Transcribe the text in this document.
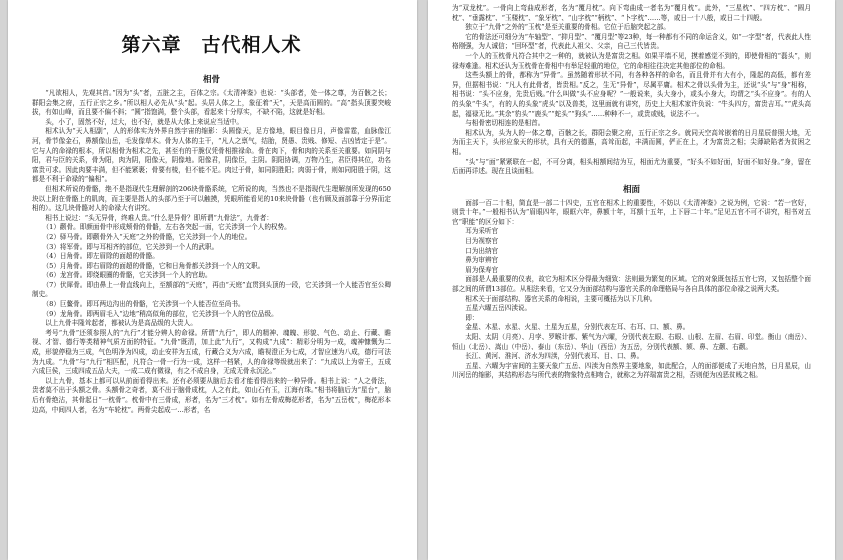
第六章　古代相人术
相骨

“凡欲相人，先观其首。”因为“头”者，五脏之主，百体之宗。《太清神鉴》也说：“头部者，处一体之尊，为百骸之长；群阳会集之府，五行正宗之乡。”所以相人必先从“头”起。头居人体之上，象征着“天”，天是高而圆的。“高”指头顶要突峻拔，有如山峰，而且要不偏不斜；“圆”指饱满，整个头部，看起来十分厚实，不缺不陷，这就是好相。

头，小了，固然不好，过大，也不好，就是从大体上来说应当适中。

相术认为“天人相副”，人的形体实为外界自然宇宙的缩影：头圆像天，足方像地，眼目像日月，声像雷霆，血脉像江河，骨节像金石，鼻额像山岳，毛发像草木。骨为人体的主干，“凡人之禀气，结胎，贤愚、贵贱、修短、吉凶皆定于是”。它与人的命禄的根本，所以相骨为相术之先，甚至有的干脆仅凭骨相推禄命。骨在肉下，骨和肉的关系至关重要。如同阴与阳，君与臣的关系，骨为阳，肉为阴，阳像天，阴像地。阳像君，阴像臣，主阴。阴阳协调，万物乃生，君臣得其位，功名富贵可求。因此肉要丰满，但不能紧裹；骨要有棱，但不能不足。肉过于骨，如同阴胜阳；肉弱于骨，则如同阳胜于阴，这都是不利于命禄的“偏相”。

但相术所说的骨骼，绝不是指现代生理解剖的206块骨骼系统，它所说的肉，当然也不是指现代生理解剖所发现的650块以上附在骨骼上的肌肉，而主要是指人的头部乃至于可以触摸，凭眼所能看见的10来块骨骼（也有顾及面部靠于分界而定相的）。这几块骨骼对人的命禄大有讲究。

相书上说过：“头无异骨，终难人贵。”什么是异骨？即所谓“九骨法”，九骨者：

（1）颧骨。即颜面骨中形成颊骨的骨骼，左右各突起一面，它关涉到一个人的权势。

（2）驿马骨。即颧骨外入“天庭”之外的骨骼，它关涉到一个人的地位。

（3）将军骨。即与耳相齐的部位，它关涉到一个人的武职。

（4）日角骨。即左眉除的面超的骨骼。

（5）月角骨。即右眉除的面超的骨骼，它和日角骨都关涉到一个人的文职。

（6）龙宫骨。即绕眼圈的骨骼，它关涉到一个人的官助。

（7）伏犀骨。即由鼻上一骨直线向上，至额部的“天庭”，再由“天庭”直贯到头顶的一段，它关涉到一个人能否官至公卿制史。

（8）巨鳌骨。即耳两边沟出的骨骼，它关涉到一个人能否位至尚书。

（9）龙角骨。即两眉毛入“边地”稍高似角的部位，它关涉到一个人的官位品级。

以上九骨丰隆耸起者，都被认为是高品级的大贵人。

考号“九骨”还须参照人的“九行”才能分辨人的命禄。所谓“九行”，即人的精神、魂魄、形貌、气色、动止、行藏、瞻视、才智、德行等类精神气质方面的特征。“九骨”既清，加上此“九行”，又构成“九成”：精彩分明为一成，魂神慷慨为二成，形貌停稳为三成，气色明净为四成，动止安祥为五成，行藏合义为六成，瞻视澄正为七成，才智应速为八成，德行可法为九成。“九骨”与“九行”相匹配，凡符合一骨一行为一成，这样一档紧，人的命禄等级就出来了：“九成以上为帝王，五成六成巨侯，三成四成五品大夫，一成二成有微禄，有之不成自身，无成无骨永沉沦。”

以上九骨，基本上都可以从前面看得出来。还有必须要从脑后去看才能看得出来的一种异骨。相书上说：“人之骨法，贵者莫不出于头额之骨。头额骨之奇者，莫不出于脑骨成枕，人之有此，如山石有玉，江海有珠。”相书将脑后为“星台”，脑后有骨绝沾，其骨起日“一枕骨”。枕骨中有三骨成，形者，名为“三才枕”。如有左骨成梅花形者，名为“五岳枕”，梅花形本边高，中间四人者，名为“车轮枕”。两骨尖起成一…形者，名

为“双龙枕”。一骨向上弯曲成形者，名为“覆月枕”。向下弯曲成一者名为“覆月枕”。此外，“三星枕”、“四方枕”、“圆月枕”、“垂露枕”、“玉楼枕”、“象牙枕”、“山字枕”“柄枕”、“卜字枕”……等，或日一十八般，或日二十四般。

独立于“九骨”之外的“玉枕”是至关重要的骨相。它位于后脑突起之部。

它的骨法还可细分为“车轴型”、“抑月型”、“覆月型”等23种，每一种都有不同的命运含义，如“一字型”者，代表此人性格刚强，为人诚信；“回环型”者，代表此人祖父、父亲，自己三代皆贵。

一个人的玉枕骨凡符合其中之一种的，就被认为是富贵之相。如果平墙不见，摸着感觉不到的，即使骨相的“磊头”，则禄寿难逢。相术还认为玉枕骨在骨相中有举足轻重的地位，它的命相往往决定其他部位的命相。

这些头额上的骨，都称为“异骨”。虽然随着形状不同，有各种各样的命名，而且骨并有大有小，隆起的高低，都有差异，但据相书说：“凡人有此骨者，皆贵相。”反之，生无“异骨”，尽属平庸。相术之骨以头骨为主，还说“头”与“身”相称，相书说：“头不应身，先贵后贱。”什么叫做“头不应身呢？”一般说来，头大身小，或头小身大，均谓之“头不应身”。有的人的头象“牛头”，有的人的头象“虎头”以及兽类，这里面就有讲究，历史上大相术家许负说：“牛头四方，富贵吉耳。”“虎头高起，福禄无比。”其余“豹头”“鹿头”“蛇头”“狗头”……种种不一，或贵或贱，说法不一。

与相骨密切相连的是相首。

相术认为，头为人的一体之尊，百骸之长，群阳会聚之府，五行正宗之乡。就同天空高耸嵌着的日月星辰普照大地，无为而主天下，头形应象天的形状，具有天的德惠，高耸而起，丰满而圆，俨正在上，才为富贵之相；尖薄缺陷者为贫困之相。

“头”与“面”紧紧联在一起，不可分离，相头相额间结为互，相面尤为重要，“好头不如好面，好面不如好身。”身，留在后面再详述。现在且谈面相。

相面

面部一百二十相，简直是一部二十四史，五官在相术上的重要性，不妨以《太清神鉴》之说为例，它说：“若一官好，则贵十年。”一般相书认为“眉眼四年，眼眶六年，鼻额十年，耳额十五年，上下唇二十年。”足见五官不可不讲究，相书对五官“职能”的区分如下：

耳为采听官

目为视察官

口为出纳官

鼻为审辨官

眉为保寿官

面部是人最重要的仪表，故它为相术区分得最为细致：法则最为繁复的区域。它的对象既包括五官七窍，又包括整个面部之间的所谓13部位。从相法来看，它又分为面部结构与器官关系的命理格局与各自具体的部位命禄之说两大类。

相术关于面部结构、器官关系的命相说，主要可概括为以下几种。

五星六曜五岳四渎说。

即：

金星、木星、水星、火星、土星为五星，分别代表左耳、右耳、口、额、鼻。

太阳、太阴（月亮）、月孛、罗睺计都、紫气为六曜，分别代表左眼、右眼、山根、左眉、右眉、印堂。衡山（南岳）、恒山（北岳）、嵩山（中岳）、泰山（东岳）、华山（西岳）为五岳，分别代表额、颏、鼻、左颧、右颧。

长江、黄河、淮河、济水为四渎，分别代表耳、目、口、鼻。

五星、六曜为宇宙间的主要天象广五岳、四渎为自然界主要地象，如此配合，人的面部便成了天地自然，日月星辰，山川河岳的缩影，其结构形态与所代表的物象特点相吻合，就称之为祥瑞富贵之相，否则便为凶恶贫贱之相。
